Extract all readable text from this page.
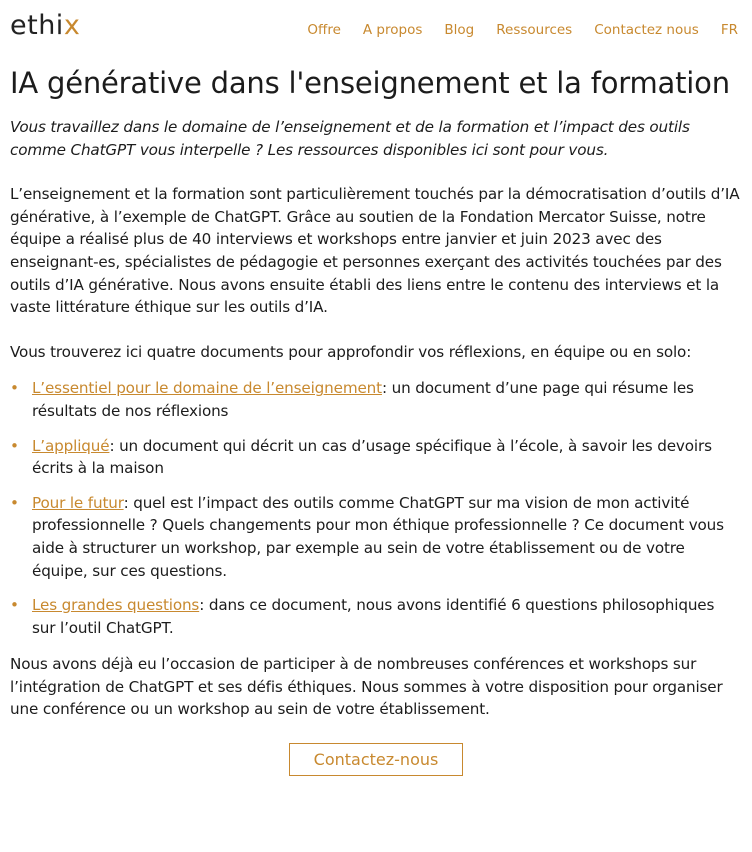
ethix	Offre A propos Blog Ressources Contactez nous FR
IA générative dans l'enseignement et la formation

Vous travaillez dans le domaine de l’enseignement et de la formation et l’impact des outils comme ChatGPT vous interpelle ? Les ressources disponibles ici sont pour vous.

L’enseignement et la formation sont particulièrement touchés par la démocratisation d’outils d’IA générative, à l’exemple de ChatGPT. Grâce au soutien de la Fondation Mercator Suisse, notre équipe a réalisé plus de 40 interviews et workshops entre janvier et juin 2023 avec des enseignant-es, spécialistes de pédagogie et personnes exerçant des activités touchées par des outils d’IA générative. Nous avons ensuite établi des liens entre le contenu des interviews et la vaste littérature éthique sur les outils d’IA.

Vous trouverez ici quatre documents pour approfondir vos réflexions, en équipe ou en solo:

• L’essentiel pour le domaine de l’enseignement: un document d’une page qui résume les résultats de nos réflexions
• L’appliqué: un document qui décrit un cas d’usage spécifique à l’école, à savoir les devoirs écrits à la maison
• Pour le futur: quel est l’impact des outils comme ChatGPT sur ma vision de mon activité professionnelle ? Quels changements pour mon éthique professionnelle ? Ce document vous aide à structurer un workshop, par exemple au sein de votre établissement ou de votre équipe, sur ces questions.
• Les grandes questions: dans ce document, nous avons identifié 6 questions philosophiques sur l’outil ChatGPT.

Nous avons déjà eu l’occasion de participer à de nombreuses conférences et workshops sur l’intégration de ChatGPT et ses défis éthiques. Nous sommes à votre disposition pour organiser une conférence ou un workshop au sein de votre établissement.

Contactez-nous
